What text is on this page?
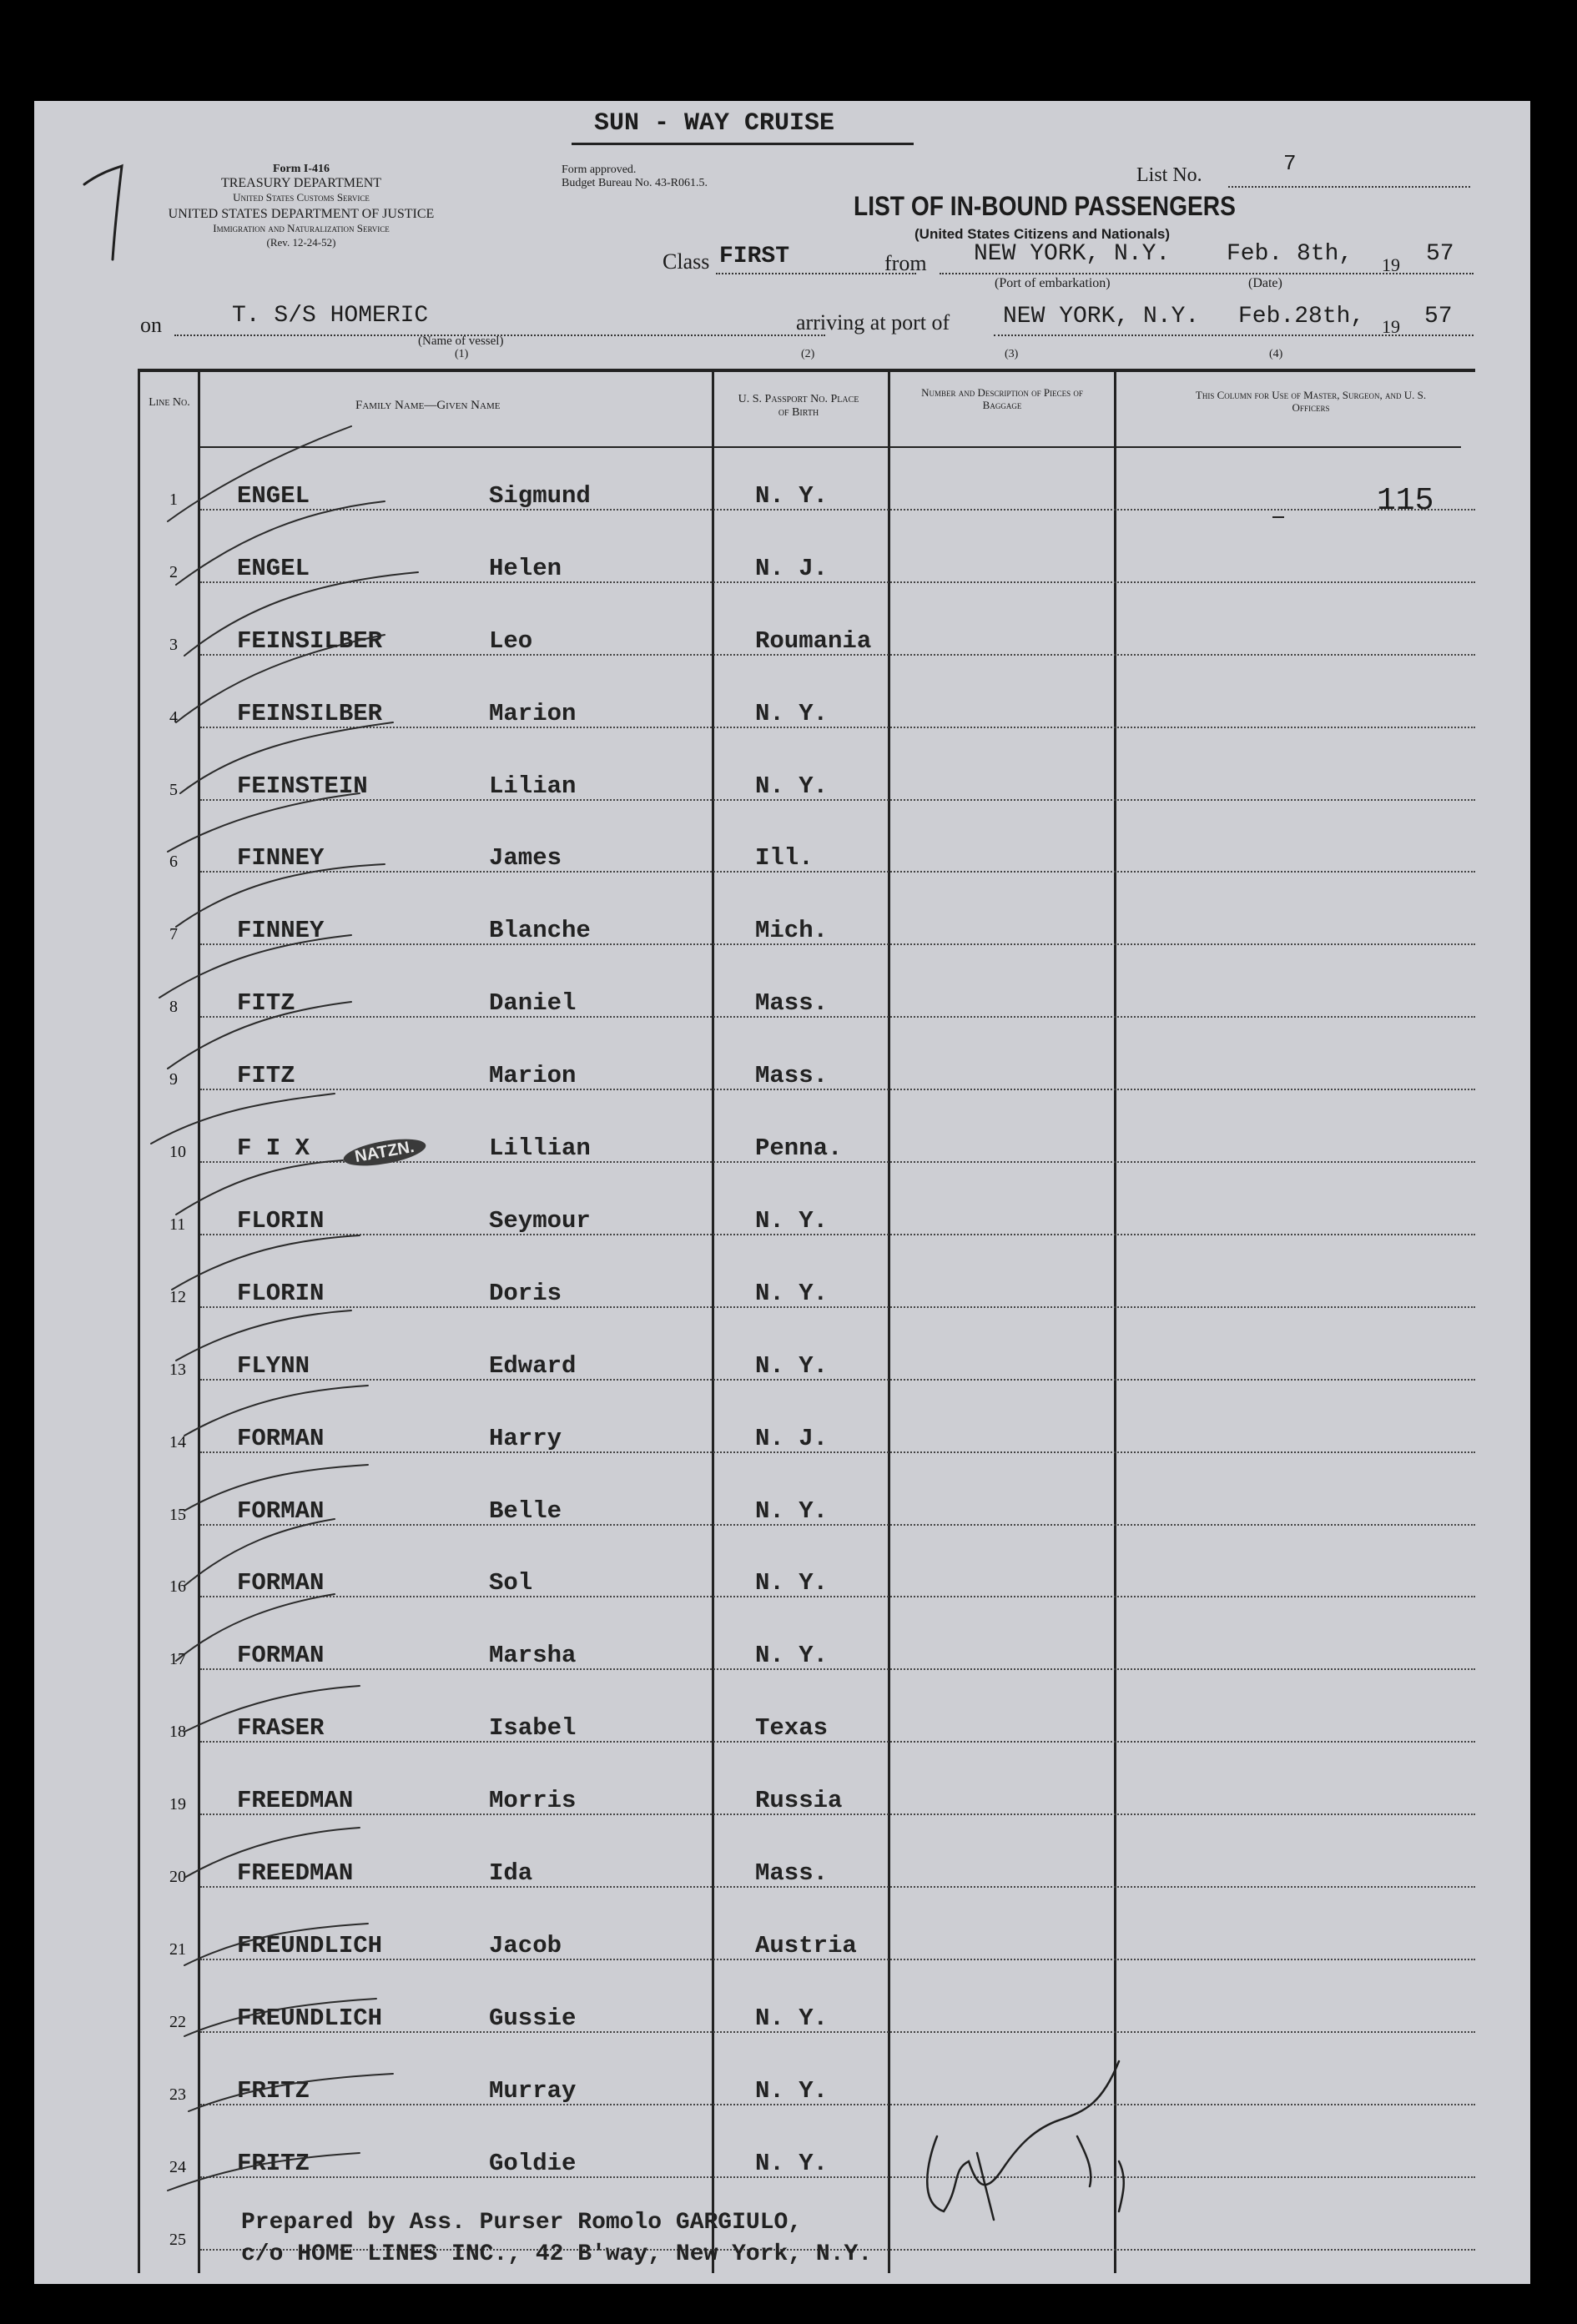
SUN - WAY CRUISE
Form I-416
TREASURY DEPARTMENT
United States Customs Service
UNITED STATES DEPARTMENT OF JUSTICE
Immigration and Naturalization Service
(Rev. 12-24-52)
Form approved.
Budget Bureau No. 43-R061.5.	List No.	7
LIST OF IN-BOUND PASSENGERS
(United States Citizens and Nationals)
Class FIRST	from NEW YORK, N.Y. Feb. 8th, 19 57
(Port of embarkation)	(Date)
on	T. S/S HOMERIC
(Name of vessel)
(1)
arriving at port of NEW YORK, N.Y. Feb.28th, 19 57
(2)	(3)	(4)
Line No.	Family Name—Given Name	U. S. Passport No. Place of Birth
Number and Description of Pieces of Baggage
This Column for Use of Master, Surgeon, and U. S. Officers
115
1 ENGEL	Sigmund	N. Y.
2 ENGEL	Helen	N. J.
3 FEINSILBER	Leo	Roumania
4 FEINSILBER	Marion	N. Y.
5 FEINSTEIN	Lilian	N. Y.
6 FINNEY	James	Ill.
7 FINNEY	Blanche	Mich.
8 FITZ	Daniel	Mass.
9 FITZ	Marion	Mass.
10 F I X	Lillian	Penna.
11 FLORIN	Seymour	N. Y.
12 FLORIN	Doris	N. Y.
13 FLYNN	Edward	N. Y.
14 FORMAN	Harry	N. J.
15 FORMAN	Belle	N. Y.
16 FORMAN	Sol	N. Y.
17 FORMAN	Marsha	N. Y.
18 FRASER	Isabel	Texas
19 FREEDMAN	Morris	Russia
20 FREEDMAN	Ida	Mass.
21 FREUNDLICH	Jacob	Austria
22 FREUNDLICH	Gussie	N. Y.
23 FRITZ	Murray	N. Y.
24 FRITZ	Goldie	N. Y.
25
NATZN.
Prepared by Ass. Purser Romolo GARGIULO,
c/o HOME LINES INC., 42 B'way, New York, N.Y.
